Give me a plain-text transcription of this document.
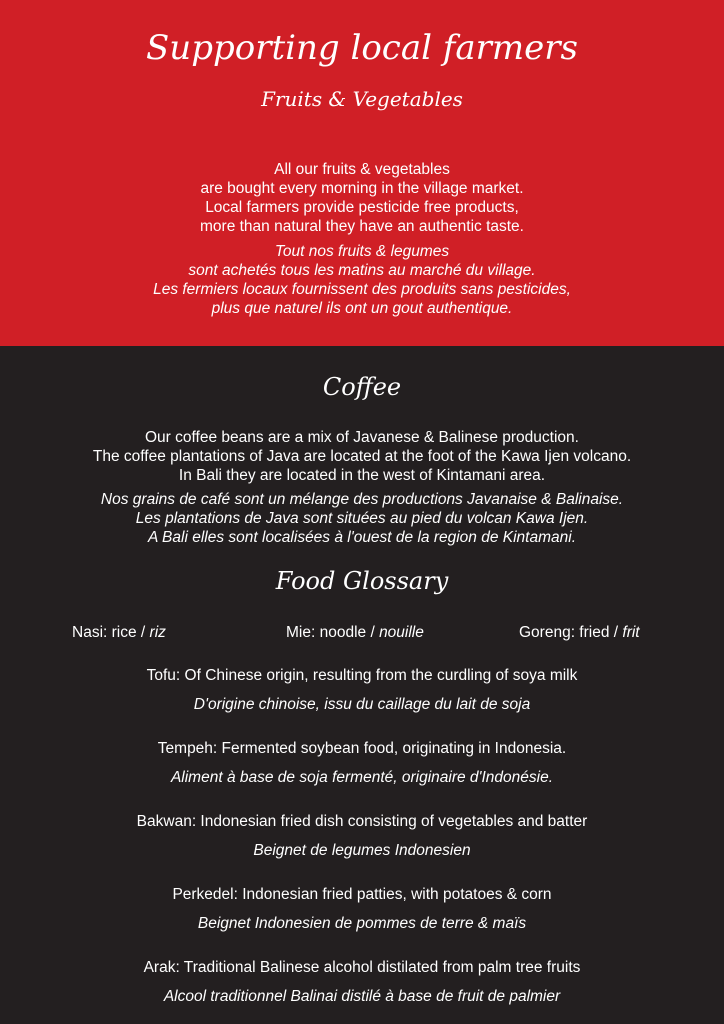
Supporting local farmers
Fruits & Vegetables
All our fruits & vegetables
are bought every morning in the village market.
Local farmers provide pesticide free products,
more than natural they have an authentic taste.
Tout nos fruits & legumes
sont achetés tous les matins au marché du village.
Les fermiers locaux fournissent des produits sans pesticides,
plus que naturel ils ont un gout authentique.
Coffee
Our coffee beans are a mix of Javanese & Balinese production.
The coffee plantations of Java are located at the foot of the Kawa Ijen volcano.
In Bali they are located in the west of Kintamani area.
Nos grains de café sont un mélange des productions Javanaise & Balinaise.
Les plantations de Java sont situées au pied du volcan Kawa Ijen.
A Bali elles sont localisées à l'ouest de la region de Kintamani.
Food Glossary
Nasi: rice / riz	Mie: noodle / nouille	Goreng: fried / frit
Tofu: Of Chinese origin, resulting from the curdling of soya milk
D'origine chinoise, issu du caillage du lait de soja
Tempeh: Fermented soybean food, originating in Indonesia.
Aliment à base de soja fermenté, originaire d'Indonésie.
Bakwan: Indonesian fried dish consisting of vegetables and batter
Beignet de legumes Indonesien
Perkedel: Indonesian fried patties, with potatoes & corn
Beignet Indonesien de pommes de terre & maïs
Arak: Traditional Balinese alcohol distilated from palm tree fruits
Alcool traditionnel Balinai distilé à base de fruit de palmier
